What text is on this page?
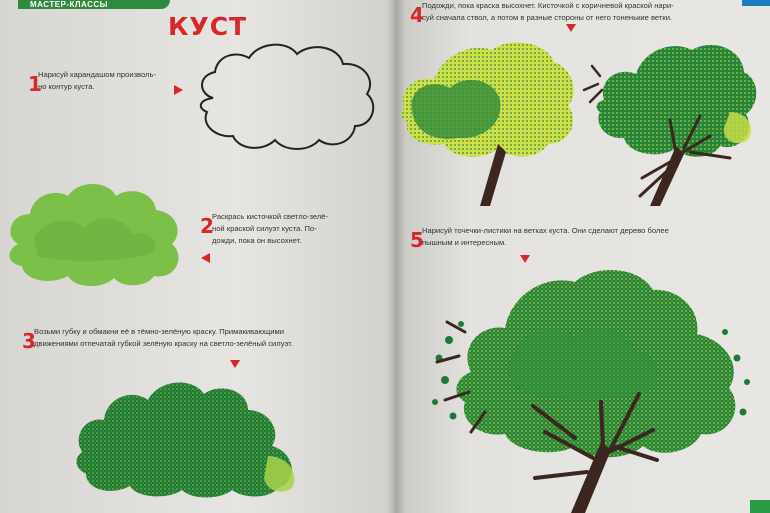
МАСТЕР-КЛАССЫ
КУСТ
1
Нарисуй карандашом произволь-
но контур куста.
2
Раскрась кисточкой светло-зелё-
ной краской силуэт куста. По-
дожди, пока он высохнет.
3
Возьми губку и обмакни её в тёмно-зелёную краску. Примакивающими
движениями отпечатай губкой зелёную краску на светло-зелёный силуэт.
4
Подожди, пока краска высохнет. Кисточкой с коричневой краской нари-
суй сначала ствол, а потом в разные стороны от него тоненькие ветки.
5
Нарисуй точечки-листики на ветках куста. Они сделают дерево более
пышным и интересным.
